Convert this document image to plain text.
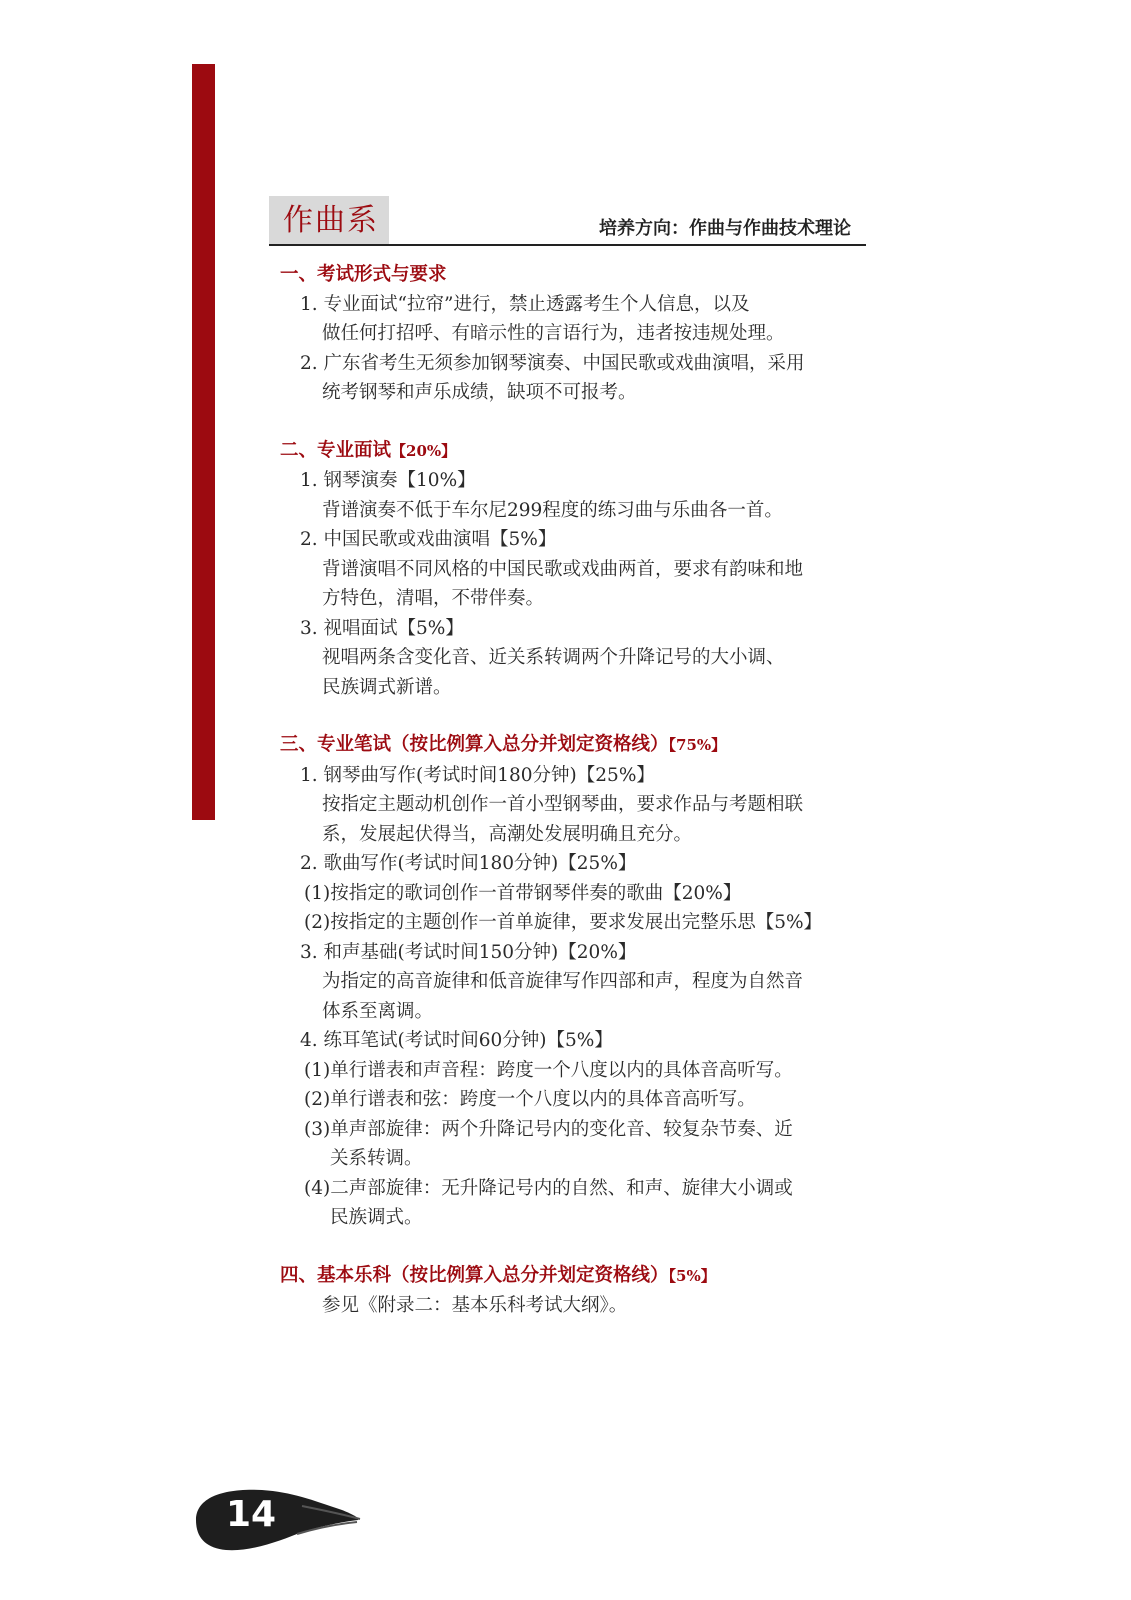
作曲系	培养方向：作曲与作曲技术理论
一、考试形式与要求
1. 专业面试“拉帘”进行，禁止透露考生个人信息，以及
做任何打招呼、有暗示性的言语行为，违者按违规处理。
2. 广东省考生无须参加钢琴演奏、中国民歌或戏曲演唱，采用
统考钢琴和声乐成绩，缺项不可报考。
二、专业面试【20%】
1. 钢琴演奏【10%】
背谱演奏不低于车尔尼299程度的练习曲与乐曲各一首。
2. 中国民歌或戏曲演唱【5%】
背谱演唱不同风格的中国民歌或戏曲两首，要求有韵味和地
方特色，清唱，不带伴奏。
3. 视唱面试【5%】
视唱两条含变化音、近关系转调两个升降记号的大小调、
民族调式新谱。
三、专业笔试（按比例算入总分并划定资格线）【75%】
1. 钢琴曲写作(考试时间180分钟)【25%】
按指定主题动机创作一首小型钢琴曲，要求作品与考题相联
系，发展起伏得当，高潮处发展明确且充分。
2. 歌曲写作(考试时间180分钟)【25%】
(1)按指定的歌词创作一首带钢琴伴奏的歌曲【20%】
(2)按指定的主题创作一首单旋律，要求发展出完整乐思【5%】
3. 和声基础(考试时间150分钟)【20%】
为指定的高音旋律和低音旋律写作四部和声，程度为自然音
体系至离调。
4. 练耳笔试(考试时间60分钟)【5%】
(1)单行谱表和声音程：跨度一个八度以内的具体音高听写。
(2)单行谱表和弦：跨度一个八度以内的具体音高听写。
(3)单声部旋律：两个升降记号内的变化音、较复杂节奏、近
关系转调。
(4)二声部旋律：无升降记号内的自然、和声、旋律大小调或
民族调式。
四、基本乐科（按比例算入总分并划定资格线）【5%】
参见《附录二：基本乐科考试大纲》。
14
